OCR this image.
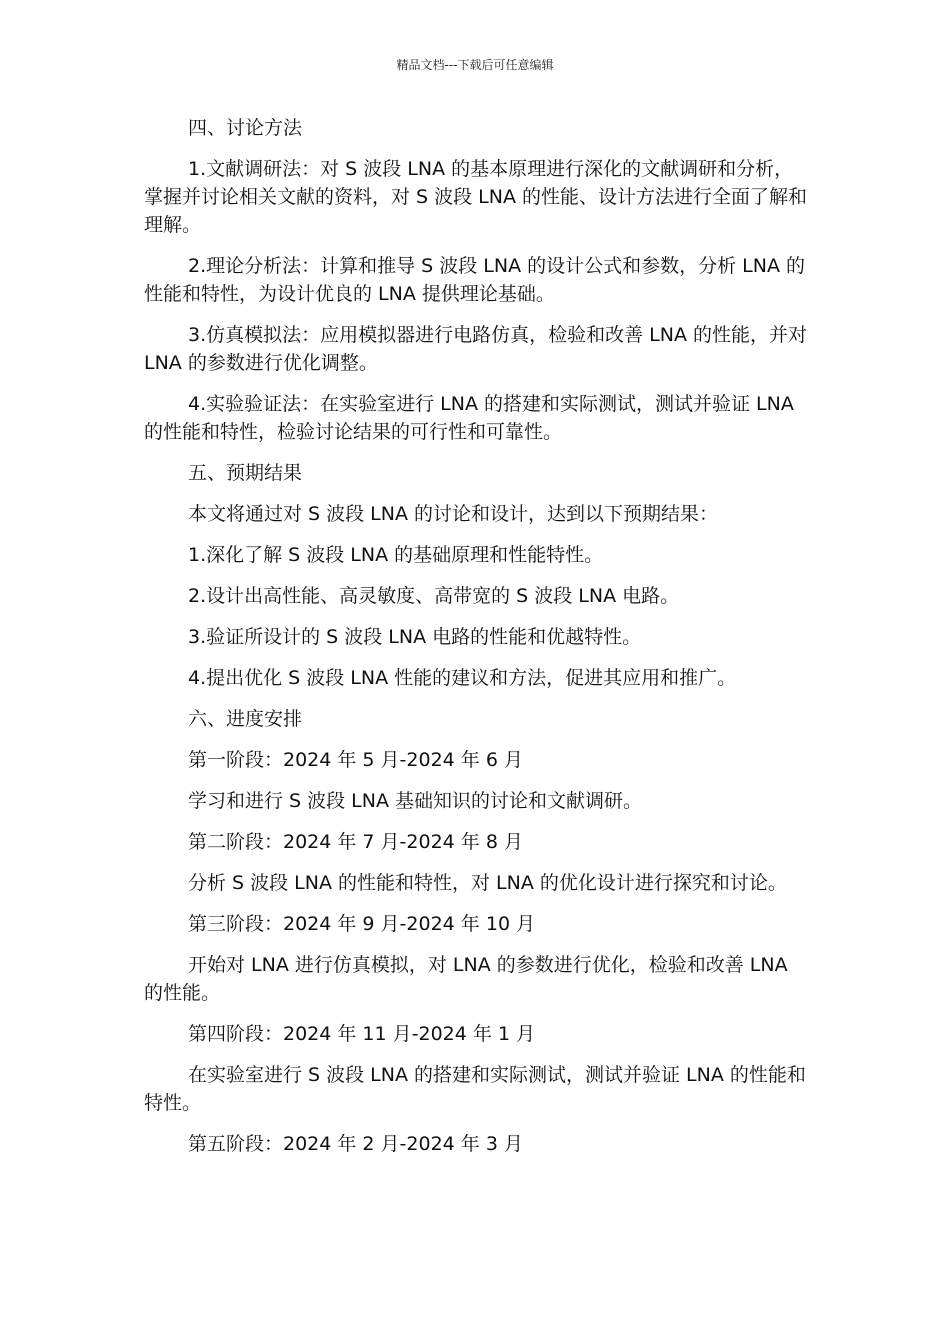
精品文档---下载后可任意编辑

四、讨论方法

1.文献调研法：对 S 波段 LNA 的基本原理进行深化的文献调研和分析，掌握并讨论相关文献的资料，对 S 波段 LNA 的性能、设计方法进行全面了解和理解。

2.理论分析法：计算和推导 S 波段 LNA 的设计公式和参数，分析 LNA 的性能和特性，为设计优良的 LNA 提供理论基础。

3.仿真模拟法：应用模拟器进行电路仿真，检验和改善 LNA 的性能，并对 LNA 的参数进行优化调整。

4.实验验证法：在实验室进行 LNA 的搭建和实际测试，测试并验证 LNA 的性能和特性，检验讨论结果的可行性和可靠性。

五、预期结果

本文将通过对 S 波段 LNA 的讨论和设计，达到以下预期结果：

1.深化了解 S 波段 LNA 的基础原理和性能特性。

2.设计出高性能、高灵敏度、高带宽的 S 波段 LNA 电路。

3.验证所设计的 S 波段 LNA 电路的性能和优越特性。

4.提出优化 S 波段 LNA 性能的建议和方法，促进其应用和推广。

六、进度安排

第一阶段：2024 年 5 月-2024 年 6 月

学习和进行 S 波段 LNA 基础知识的讨论和文献调研。

第二阶段：2024 年 7 月-2024 年 8 月

分析 S 波段 LNA 的性能和特性，对 LNA 的优化设计进行探究和讨论。

第三阶段：2024 年 9 月-2024 年 10 月

开始对 LNA 进行仿真模拟，对 LNA 的参数进行优化，检验和改善 LNA 的性能。

第四阶段：2024 年 11 月-2024 年 1 月

在实验室进行 S 波段 LNA 的搭建和实际测试，测试并验证 LNA 的性能和特性。

第五阶段：2024 年 2 月-2024 年 3 月
